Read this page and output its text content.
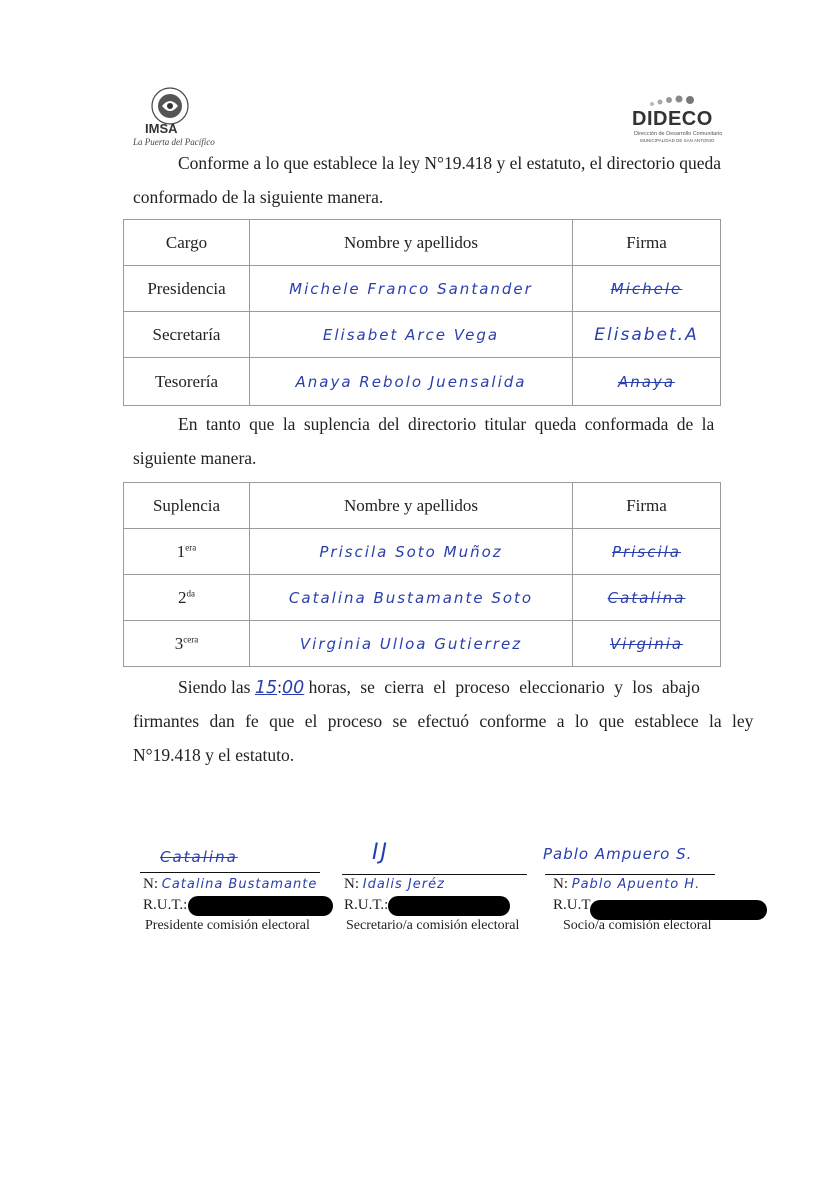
IMSA
La Puerta del Pacífico
DIDECO
Dirección de Desarrollo Comunitario
MUNICIPALIDAD DE SAN ANTONIO
Conforme a lo que establece la ley N°19.418 y el estatuto, el directorio queda
conformado de la siguiente manera.
Cargo	Nombre y apellidos	Firma
Presidencia	Michele Franco Santander	Michele
Secretaría	Elisabet Arce Vega	Elisabet.A
Tesorería	Anaya Rebolo Juensalida	Anaya
En tanto que la suplencia del directorio titular queda conformada de la
siguiente manera.
Suplencia	Nombre y apellidos	Firma
$1^{era}$	Priscila Soto Muñoz	Priscila
$2^{da}$	Catalina Bustamante Soto	Catalina
$3^{cera}$	Virginia Ulloa Gutierrez	Virginia
Siendo las 15:00 horas, se cierra el proceso eleccionario y los abajo
firmantes dan fe que el proceso se efectuó conforme a lo que establece la ley
N°19.418 y el estatuto.
Catalina
N: Catalina Bustamante
R.U.T.:
Presidente comisión electoral
IJ
N: Idalis Jeréz
R.U.T.:
Secretario/a comisión electoral
Pablo Ampuero S.
N: Pablo Apuento H.
R.U.T
Socio/a comisión electoral
